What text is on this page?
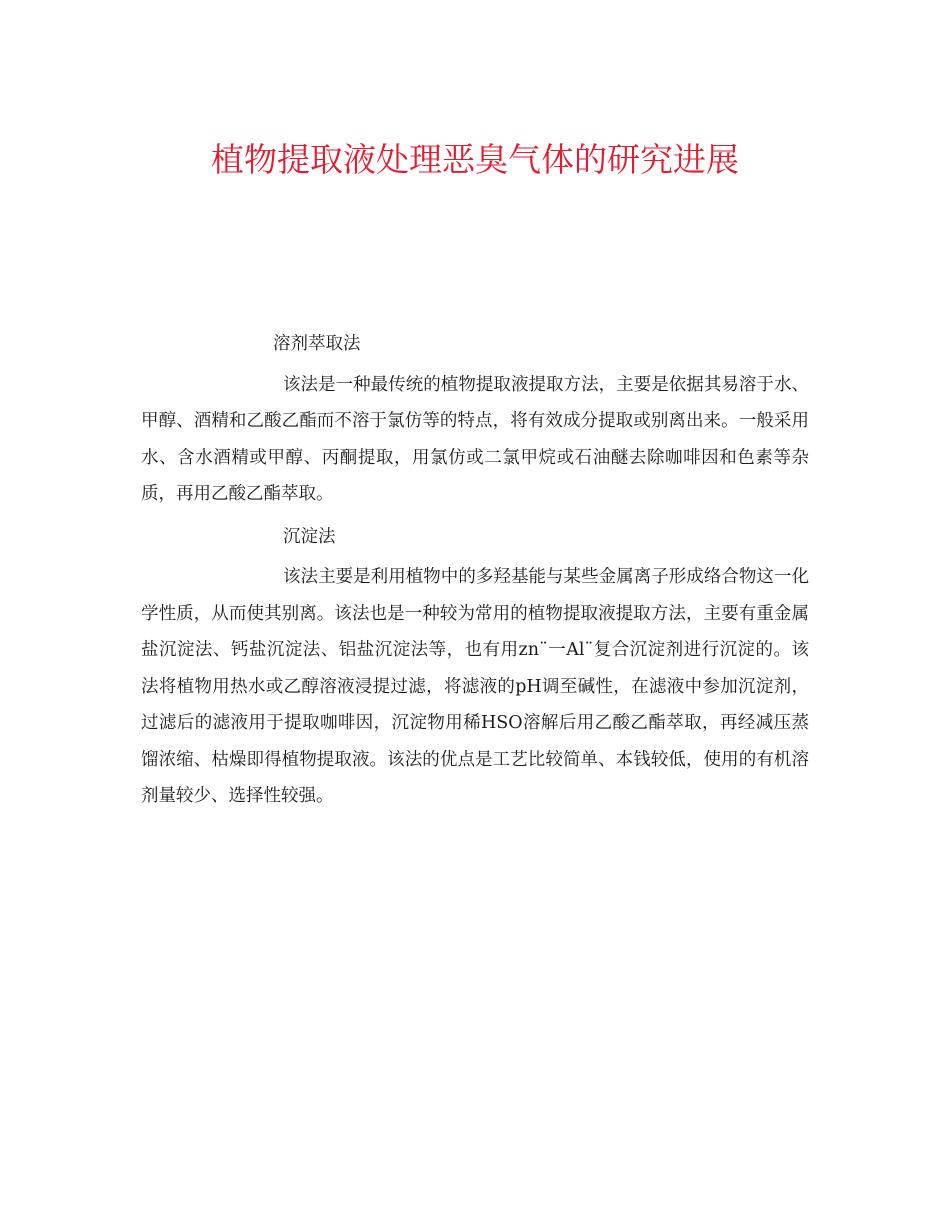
植物提取液处理恶臭气体的研究进展

溶剂萃取法

该法是一种最传统的植物提取液提取方法，主要是依据其易溶于水、甲醇、酒精和乙酸乙酯而不溶于氯仿等的特点，将有效成分提取或别离出来。一般采用水、含水酒精或甲醇、丙酮提取，用氯仿或二氯甲烷或石油醚去除咖啡因和色素等杂质，再用乙酸乙酯萃取。

沉淀法

该法主要是利用植物中的多羟基能与某些金属离子形成络合物这一化学性质，从而使其别离。该法也是一种较为常用的植物提取液提取方法，主要有重金属盐沉淀法、钙盐沉淀法、铝盐沉淀法等，也有用zn¨一Al¨复合沉淀剂进行沉淀的。该法将植物用热水或乙醇溶液浸提过滤，将滤液的pH调至碱性，在滤液中参加沉淀剂，过滤后的滤液用于提取咖啡因，沉淀物用稀HSO溶解后用乙酸乙酯萃取，再经减压蒸馏浓缩、枯燥即得植物提取液。该法的优点是工艺比较简单、本钱较低，使用的有机溶剂量较少、选择性较强。
